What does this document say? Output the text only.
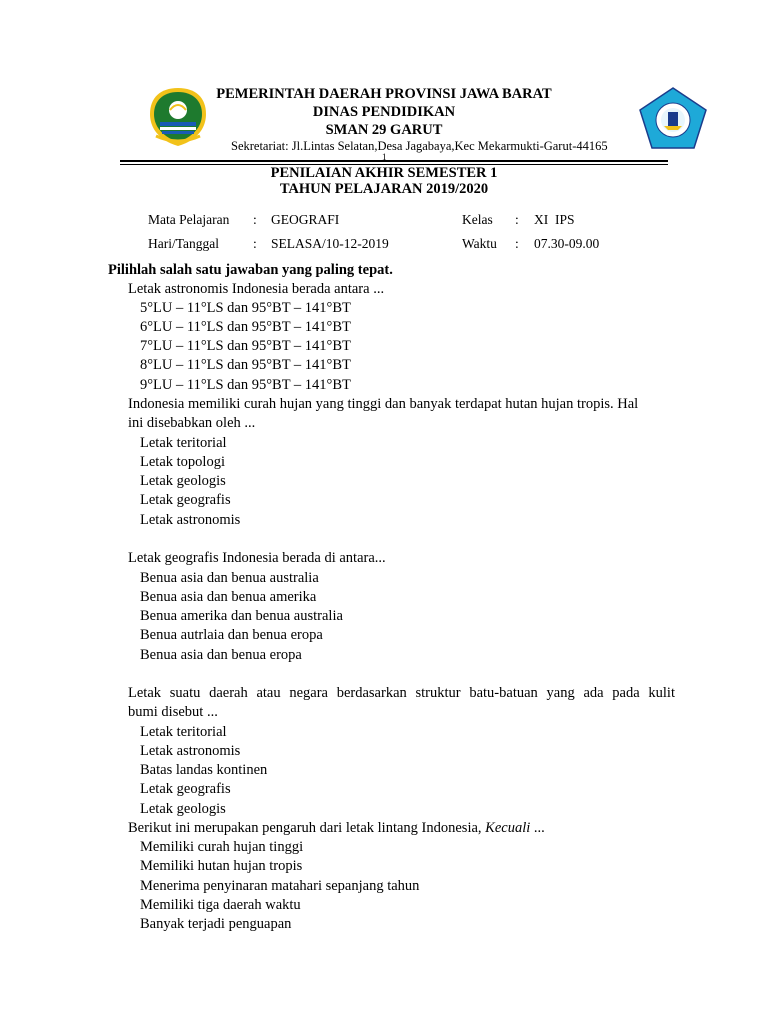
PEMERINTAH DAERAH PROVINSI JAWA BARAT
DINAS PENDIDIKAN
SMAN 29 GARUT
Sekretariat: Jl.Lintas Selatan,Desa Jagabaya,Kec Mekarmukti-Garut-44165
1
PENILAIAN AKHIR SEMESTER 1
TAHUN PELAJARAN 2019/2020
Mata Pelajaran : GEOGRAFI	Kelas : XI  IPS
Hari/Tanggal	: SELASA/10-12-2019	Waktu : 07.30-09.00
Pilihlah salah satu jawaban yang paling tepat.
Letak astronomis Indonesia berada antara ...
5°LU – 11°LS dan 95°BT – 141°BT
6°LU – 11°LS dan 95°BT – 141°BT
7°LU – 11°LS dan 95°BT – 141°BT
8°LU – 11°LS dan 95°BT – 141°BT
9°LU – 11°LS dan 95°BT – 141°BT
Indonesia memiliki curah hujan yang tinggi dan banyak terdapat hutan hujan tropis. Hal
ini disebabkan oleh ...
Letak teritorial
Letak topologi
Letak geologis
Letak geografis
Letak astronomis
Letak geografis Indonesia berada di antara...
Benua asia dan benua australia
Benua asia dan benua amerika
Benua amerika dan benua australia
Benua autrlaia dan benua eropa
Benua asia dan benua eropa
Letak suatu daerah atau negara berdasarkan struktur batu-batuan yang ada pada kulit
bumi disebut ...
Letak teritorial
Letak astronomis
Batas landas kontinen
Letak geografis
Letak geologis
Berikut ini merupakan pengaruh dari letak lintang Indonesia, Kecuali ...
Memiliki curah hujan tinggi
Memiliki hutan hujan tropis
Menerima penyinaran matahari sepanjang tahun
Memiliki tiga daerah waktu
Banyak terjadi penguapan
